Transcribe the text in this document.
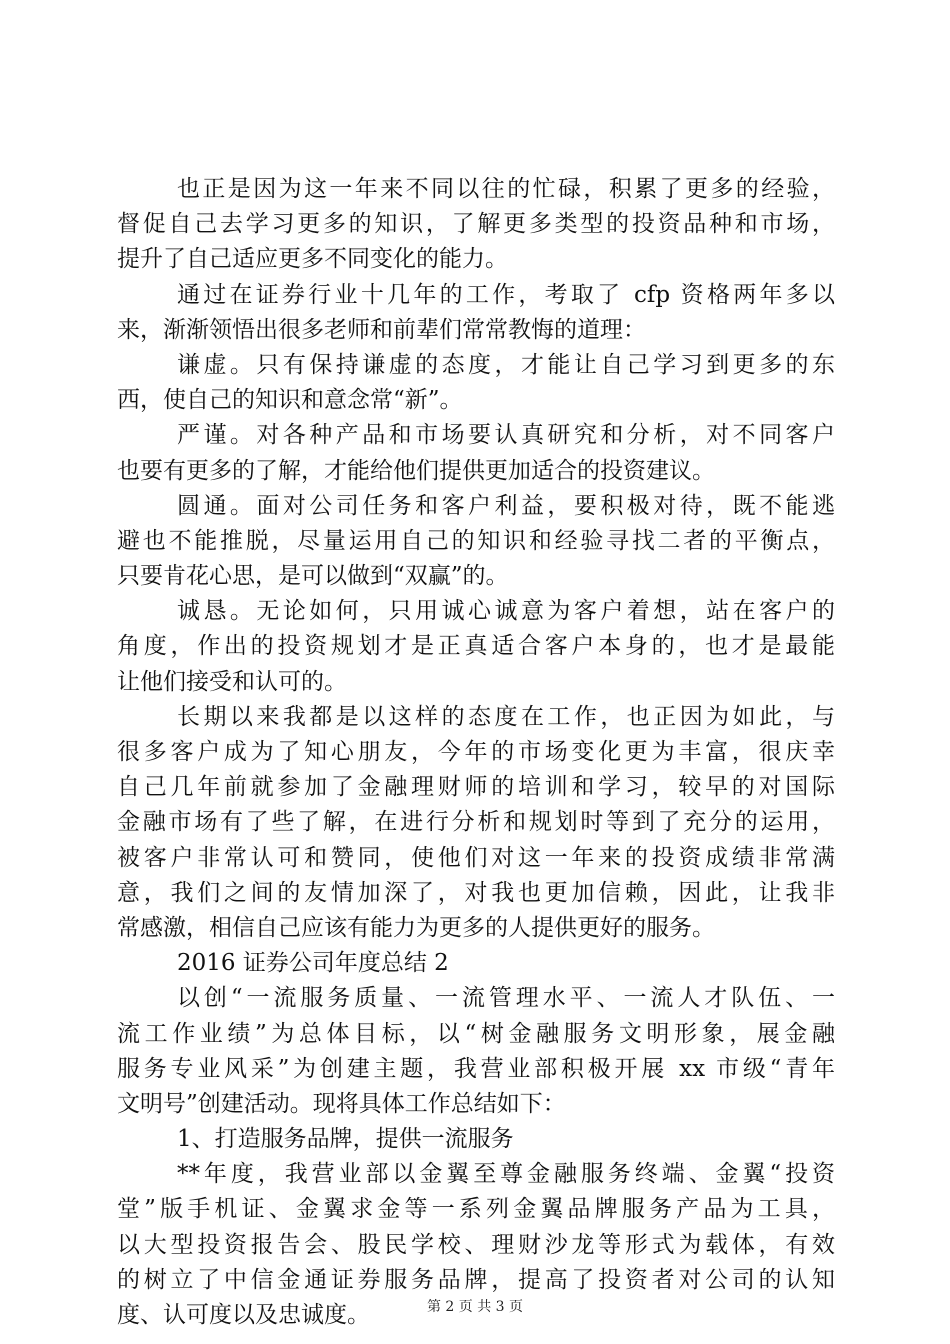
也正是因为这一年来不同以往的忙碌，积累了更多的经验，
督促自己去学习更多的知识，了解更多类型的投资品种和市场，
提升了自己适应更多不同变化的能力。
通过在证券行业十几年的工作，考取了 cfp 资格两年多以
来，渐渐领悟出很多老师和前辈们常常教悔的道理：
谦虚。只有保持谦虚的态度，才能让自己学习到更多的东
西，使自己的知识和意念常“新”。
严谨。对各种产品和市场要认真研究和分析，对不同客户
也要有更多的了解，才能给他们提供更加适合的投资建议。
圆通。面对公司任务和客户利益，要积极对待，既不能逃
避也不能推脱，尽量运用自己的知识和经验寻找二者的平衡点，
只要肯花心思，是可以做到“双赢”的。
诚恳。无论如何，只用诚心诚意为客户着想，站在客户的
角度，作出的投资规划才是正真适合客户本身的，也才是最能
让他们接受和认可的。
长期以来我都是以这样的态度在工作，也正因为如此，与
很多客户成为了知心朋友，今年的市场变化更为丰富，很庆幸
自己几年前就参加了金融理财师的培训和学习，较早的对国际
金融市场有了些了解，在进行分析和规划时等到了充分的运用，
被客户非常认可和赞同，使他们对这一年来的投资成绩非常满
意，我们之间的友情加深了，对我也更加信赖，因此，让我非
常感激，相信自己应该有能力为更多的人提供更好的服务。
2016 证券公司年度总结 2
以创“一流服务质量、一流管理水平、一流人才队伍、一
流工作业绩”为总体目标，以“树金融服务文明形象，展金融
服务专业风采”为创建主题，我营业部积极开展 xx 市级“青年
文明号”创建活动。现将具体工作总结如下：
1、打造服务品牌，提供一流服务
**年度，我营业部以金翼至尊金融服务终端、金翼“投资
堂”版手机证、金翼求金等一系列金翼品牌服务产品为工具，
以大型投资报告会、股民学校、理财沙龙等形式为载体，有效
的树立了中信金通证券服务品牌，提高了投资者对公司的认知
度、认可度以及忠诚度。	第 2 页 共 3 页
